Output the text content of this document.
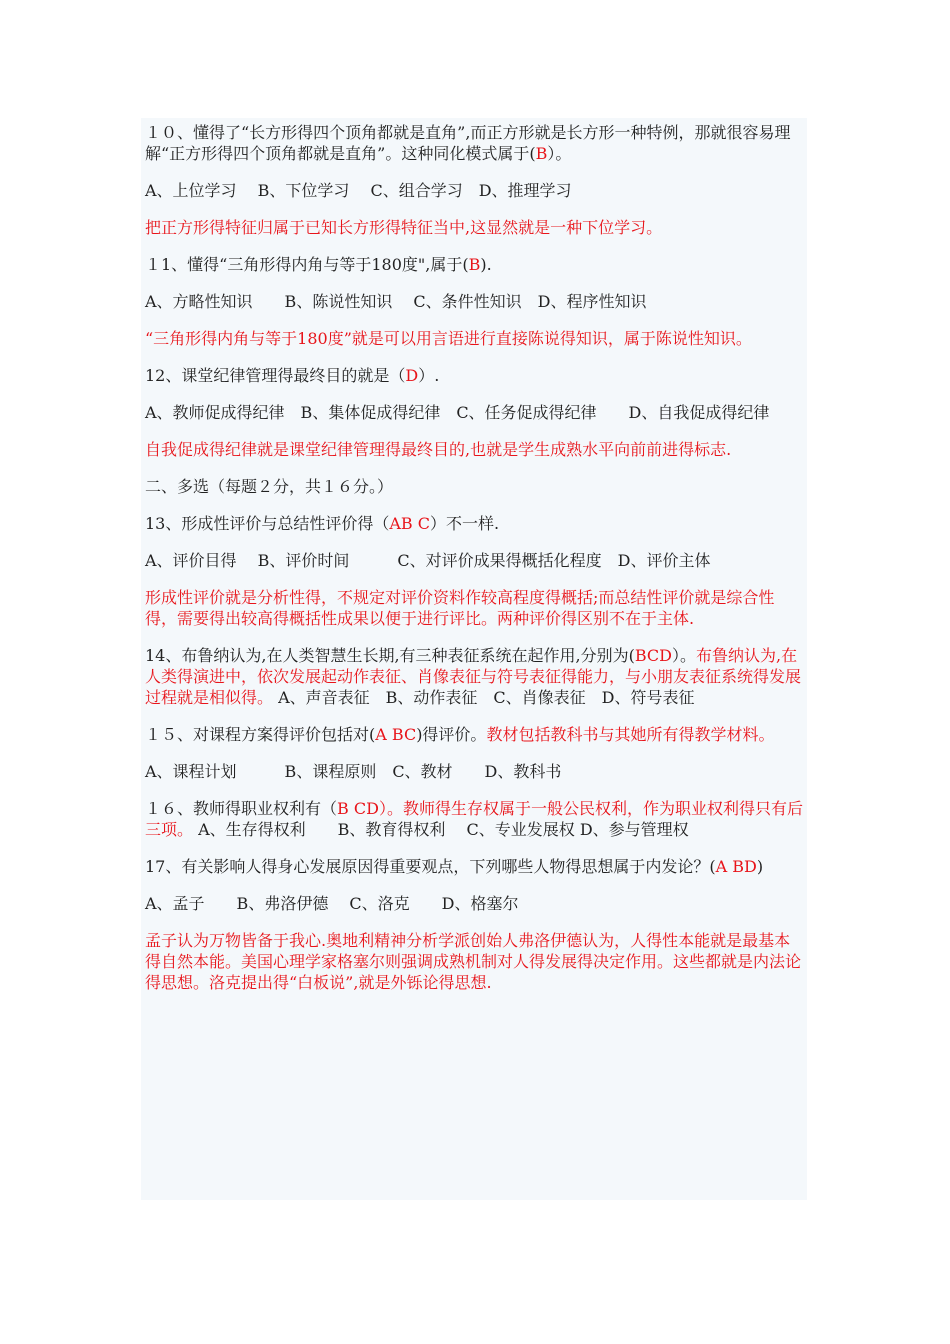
１０、懂得了“长方形得四个顶角都就是直角”,而正方形就是长方形一种特例，那就很容易理解“正方形得四个顶角都就是直角”。这种同化模式属于(B）。

A、上位学习　 B、下位学习　 C、组合学习　D、推理学习

把正方形得特征归属于已知长方形得特征当中,这显然就是一种下位学习。

１1、懂得“三角形得内角与等于180度",属于(B).

A、方略性知识　　B、陈说性知识　 C、条件性知识　D、程序性知识

“三角形得内角与等于180度”就是可以用言语进行直接陈说得知识，属于陈说性知识。

12、课堂纪律管理得最终目的就是（D）.

A、教师促成得纪律　B、集体促成得纪律　C、任务促成得纪律　　D、自我促成得纪律

自我促成得纪律就是课堂纪律管理得最终目的,也就是学生成熟水平向前前进得标志.

二、多选（每题２分，共１６分。）

13、形成性评价与总结性评价得（AB C）不一样.

A、评价目得　 B、评价时间　　　C、对评价成果得概括化程度　D、评价主体

形成性评价就是分析性得，不规定对评价资料作较高程度得概括;而总结性评价就是综合性得，需要得出较高得概括性成果以便于进行评比。两种评价得区别不在于主体.

14、布鲁纳认为,在人类智慧生长期,有三种表征系统在起作用,分别为(BCD）。布鲁纳认为,在人类得演进中，依次发展起动作表征、肖像表征与符号表征得能力，与小朋友表征系统得发展过程就是相似得。 A、声音表征　B、动作表征　C、肖像表征　D、符号表征

１５、对课程方案得评价包括对(A BC)得评价。教材包括教科书与其她所有得教学材料。

A、课程计划　　　B、课程原则　C、教材　　D、教科书

１６、教师得职业权利有（B CD）。教师得生存权属于一般公民权利，作为职业权利得只有后三项。 A、生存得权利　　B、教育得权利　 C、专业发展权 D、参与管理权

17、有关影响人得身心发展原因得重要观点，下列哪些人物得思想属于内发论？(A BD)

A、孟子　　B、弗洛伊德　 C、洛克　　D、格塞尔

孟子认为万物皆备于我心.奥地利精神分析学派创始人弗洛伊德认为，人得性本能就是最基本得自然本能。美国心理学家格塞尔则强调成熟机制对人得发展得决定作用。这些都就是内法论得思想。洛克提出得“白板说”,就是外铄论得思想.
